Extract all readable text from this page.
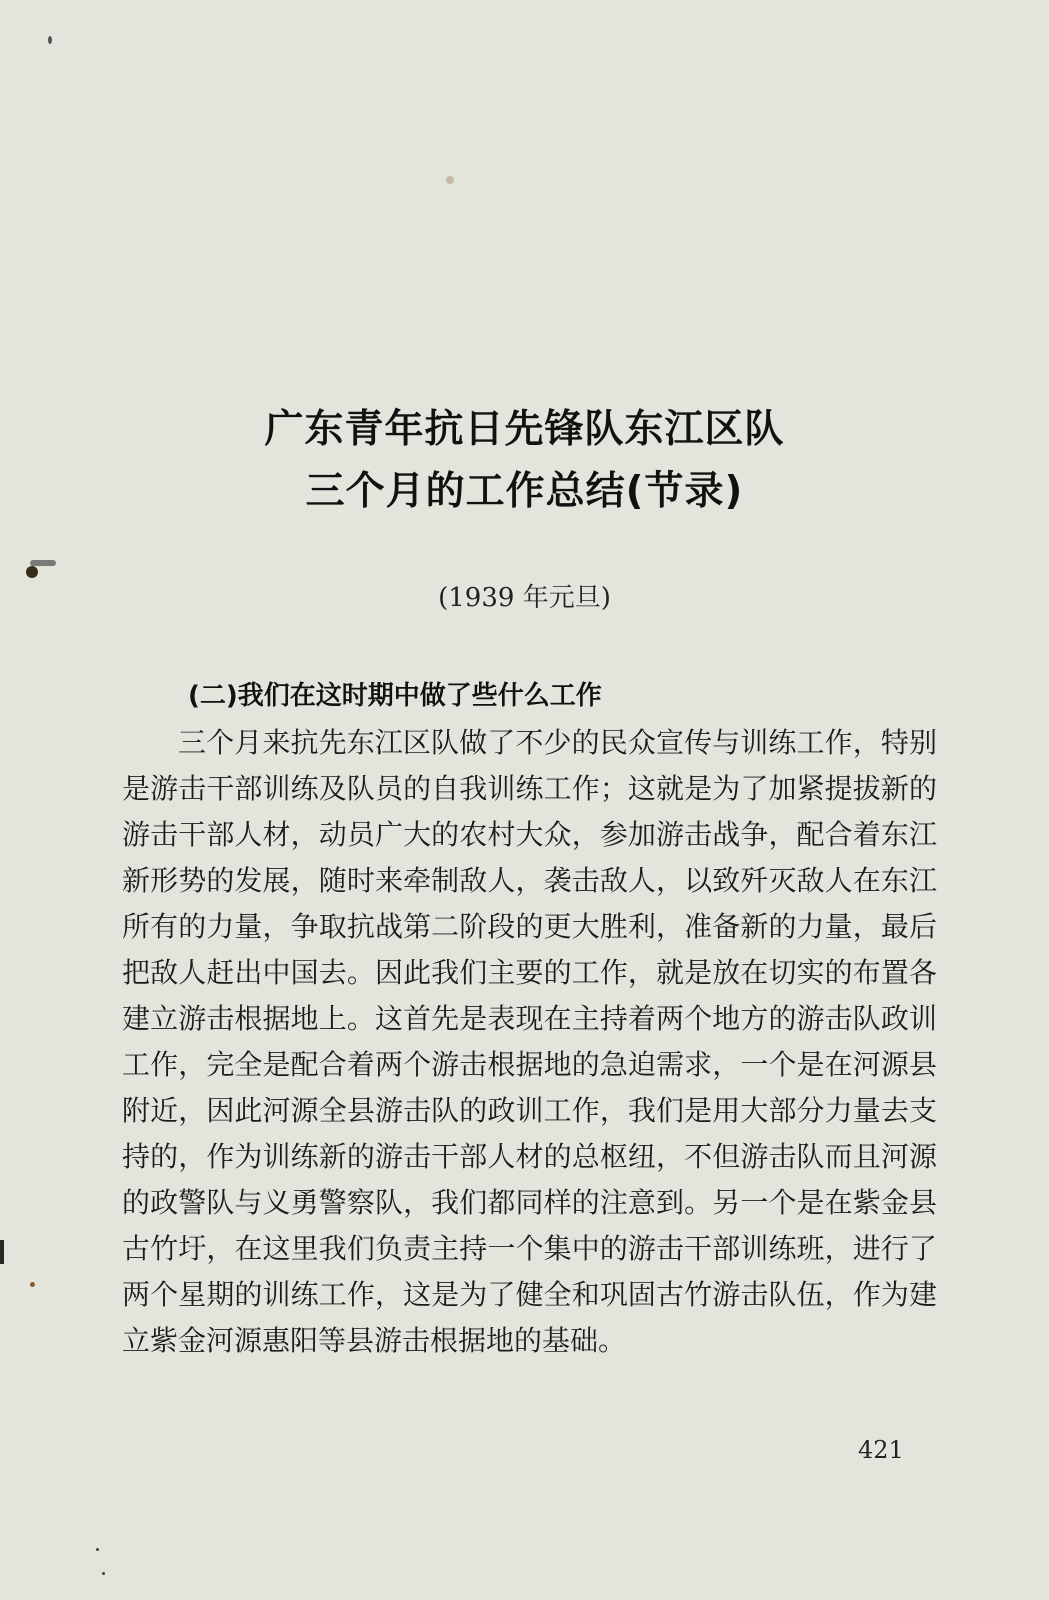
广东青年抗日先锋队东江区队
三个月的工作总结(节录)
(1939 年元旦)
(二)我们在这时期中做了些什么工作

三个月来抗先东江区队做了不少的民众宣传与训练工作，特别是游击干部训练及队员的自我训练工作；这就是为了加紧提拔新的游击干部人材，动员广大的农村大众，参加游击战争，配合着东江新形势的发展，随时来牵制敌人，袭击敌人，以致歼灭敌人在东江所有的力量，争取抗战第二阶段的更大胜利，准备新的力量，最后把敌人赶出中国去。因此我们主要的工作，就是放在切实的布置各建立游击根据地上。这首先是表现在主持着两个地方的游击队政训工作，完全是配合着两个游击根据地的急迫需求，一个是在河源县附近，因此河源全县游击队的政训工作，我们是用大部分力量去支持的，作为训练新的游击干部人材的总枢纽，不但游击队而且河源的政警队与义勇警察队，我们都同样的注意到。另一个是在紫金县古竹圩，在这里我们负责主持一个集中的游击干部训练班，进行了两个星期的训练工作，这是为了健全和巩固古竹游击队伍，作为建立紫金河源惠阳等县游击根据地的基础。

421
